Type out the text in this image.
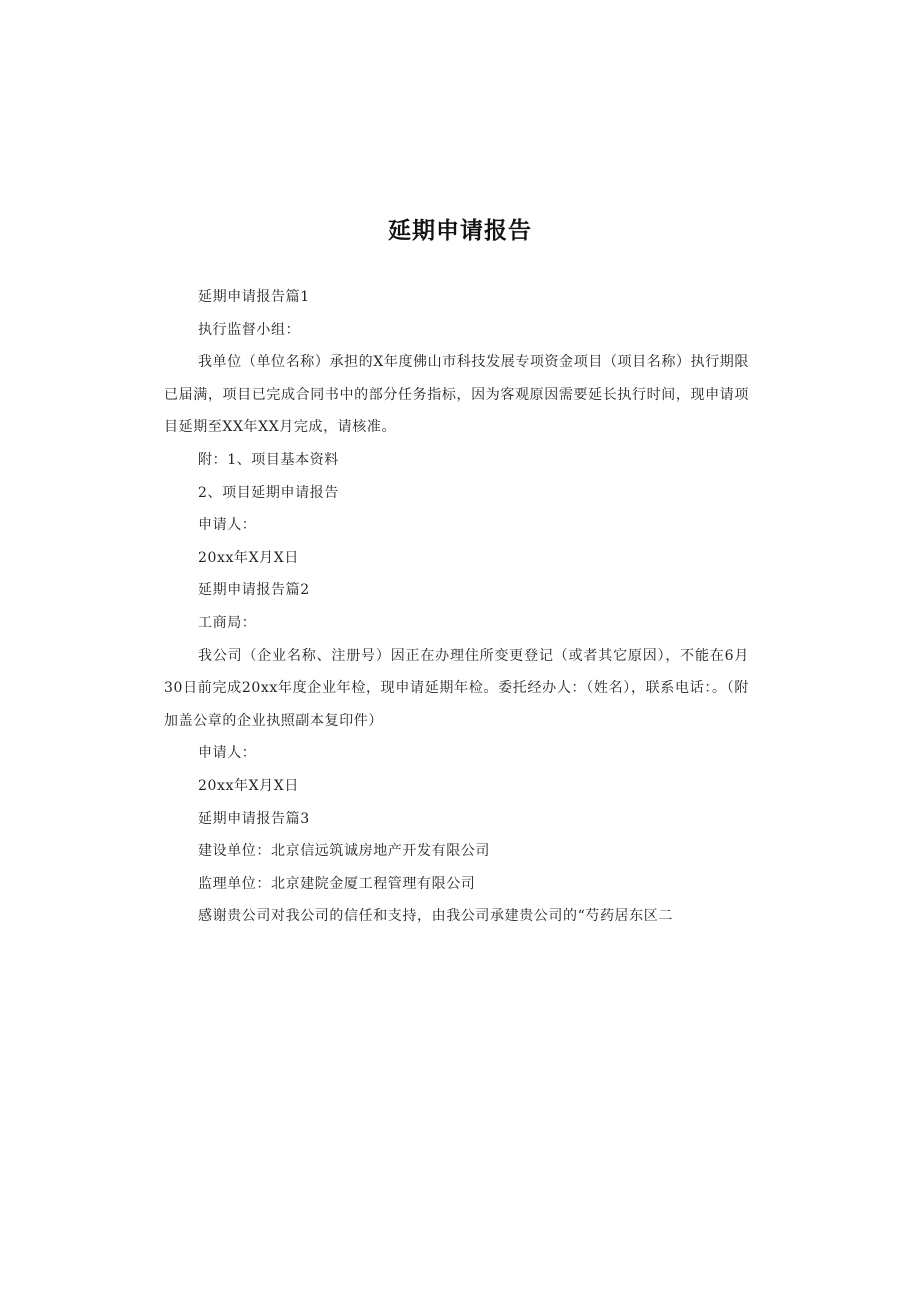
延期申请报告

延期申请报告篇1

执行监督小组：

我单位（单位名称）承担的X年度佛山市科技发展专项资金项目（项目名称）执行期限已届满，项目已完成合同书中的部分任务指标，因为客观原因需要延长执行时间，现申请项目延期至XX年XX月完成，请核准。

附：1、项目基本资料

2、项目延期申请报告

申请人：

20xx年X月X日

延期申请报告篇2

工商局：

我公司（企业名称、注册号）因正在办理住所变更登记（或者其它原因），不能在6月30日前完成20xx年度企业年检，现申请延期年检。委托经办人：（姓名），联系电话：。（附加盖公章的企业执照副本复印件）

申请人：

20xx年X月X日

延期申请报告篇3

建设单位：北京信远筑诚房地产开发有限公司

监理单位：北京建院金厦工程管理有限公司

感谢贵公司对我公司的信任和支持，由我公司承建贵公司的“芍药居东区二
